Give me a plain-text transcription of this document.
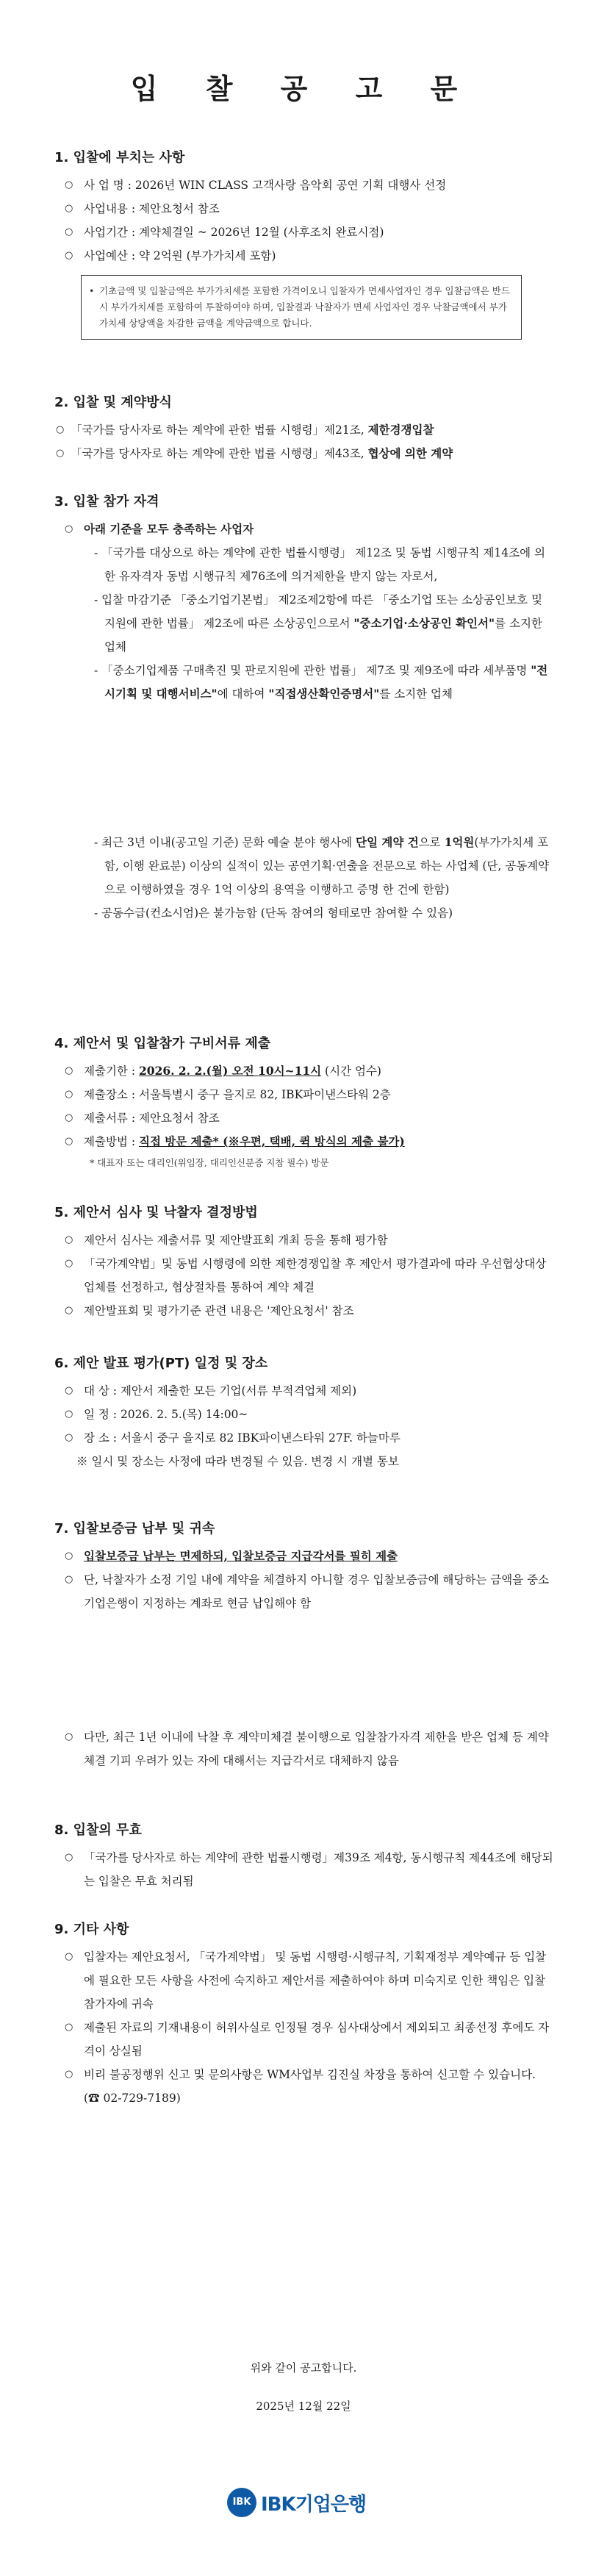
입 찰 공 고 문
1. 입찰에 부치는 사항
○ 사 업 명 : 2026년 WIN CLASS 고객사랑 음악회 공연 기획 대행사 선정
○ 사업내용 : 제안요청서 참조
○ 사업기간 : 계약체결일 ~ 2026년 12월 (사후조치 완료시점)
○ 사업예산 : 약 2억원 (부가가치세 포함)
• 기초금액 및 입찰금액은 부가가치세를 포함한 가격이오니 입찰자가 면세사업자인 경우 입찰금액은 반드시 부가가치세를 포함하여 투찰하여야 하며, 입찰결과 낙찰자가 면세 사업자인 경우 낙찰금액에서 부가가치세 상당액을 차감한 금액을 계약금액으로 합니다.
2. 입찰 및 계약방식
○ 「국가를 당사자로 하는 계약에 관한 법률 시행령」제21조, 제한경쟁입찰
○ 「국가를 당사자로 하는 계약에 관한 법률 시행령」제43조, 협상에 의한 계약
3. 입찰 참가 자격
○ 아래 기준을 모두 충족하는 사업자
- 「국가를 대상으로 하는 계약에 관한 법률시행령」 제12조 및 동법 시행규칙 제14조에 의한 유자격자 동법 시행규칙 제76조에 의거제한을 받지 않는 자로서,
- 입찰 마감기준 「중소기업기본법」 제2조제2항에 따른 「중소기업 또는 소상공인보호 및 지원에 관한 법률」 제2조에 따른 소상공인으로서 "중소기업·소상공인 확인서"를 소지한 업체
- 「중소기업제품 구매촉진 및 판로지원에 관한 법률」 제7조 및 제9조에 따라 세부품명 "전시기획 및 대행서비스"에 대하여 "직접생산확인증명서"를 소지한 업체
- 최근 3년 이내(공고일 기준) 문화 예술 분야 행사에 단일 계약 건으로 1억원(부가가치세 포함, 이행 완료분) 이상의 실적이 있는 공연기획·연출을 전문으로 하는 사업체 (단, 공동계약으로 이행하였을 경우 1억 이상의 용역을 이행하고 증명 한 건에 한함)
- 공동수급(컨소시엄)은 불가능함 (단독 참여의 형태로만 참여할 수 있음)
4. 제안서 및 입찰참가 구비서류 제출
○ 제출기한 : 2026. 2. 2.(월) 오전 10시~11시 (시간 엄수)
○ 제출장소 : 서울특별시 중구 을지로 82, IBK파이낸스타워 2층
○ 제출서류 : 제안요청서 참조
○ 제출방법 : 직접 방문 제출* (※우편, 택배, 퀵 방식의 제출 불가)
* 대표자 또는 대리인(위임장, 대리인신분증 지참 필수) 방문
5. 제안서 심사 및 낙찰자 결정방법
○ 제안서 심사는 제출서류 및 제안발표회 개최 등을 통해 평가함
○ 「국가계약법」및 동법 시행령에 의한 제한경쟁입찰 후 제안서 평가결과에 따라 우선협상대상 업체를 선정하고, 협상절차를 통하여 계약 체결
○ 제안발표회 및 평가기준 관련 내용은 '제안요청서' 참조
6. 제안 발표 평가(PT) 일정 및 장소
○ 대 상 : 제안서 제출한 모든 기업(서류 부적격업체 제외)
○ 일 정 : 2026. 2. 5.(목) 14:00~
○ 장 소 : 서울시 중구 을지로 82 IBK파이낸스타워 27F. 하늘마루
※ 일시 및 장소는 사정에 따라 변경될 수 있음. 변경 시 개별 통보
7. 입찰보증금 납부 및 귀속
○ 입찰보증금 납부는 면제하되, 입찰보증금 지급각서를 필히 제출
○ 단, 낙찰자가 소정 기일 내에 계약을 체결하지 아니할 경우 입찰보증금에 해당하는 금액을 중소기업은행이 지정하는 계좌로 현금 납입해야 함
○ 다만, 최근 1년 이내에 낙찰 후 계약미체결 불이행으로 입찰참가자격 제한을 받은 업체 등 계약체결 기피 우려가 있는 자에 대해서는 지급각서로 대체하지 않음
8. 입찰의 무효
○ 「국가를 당사자로 하는 계약에 관한 법률시행령」제39조 제4항, 동시행규칙 제44조에 해당되는 입찰은 무효 처리됨
9. 기타 사항
○ 입찰자는 제안요청서, 「국가계약법」 및 동법 시행령·시행규칙, 기획재정부 계약예규 등 입찰에 필요한 모든 사항을 사전에 숙지하고 제안서를 제출하여야 하며 미숙지로 인한 책임은 입찰참가자에 귀속
○ 제출된 자료의 기재내용이 허위사실로 인정될 경우 심사대상에서 제외되고 최종선정 후에도 자격이 상실됨
○ 비리 불공정행위 신고 및 문의사항은 WM사업부 김진실 차장을 통하여 신고할 수 있습니다. (☎ 02-729-7189)
위와 같이 공고합니다.
2025년 12월 22일
IBK IBK기업은행
